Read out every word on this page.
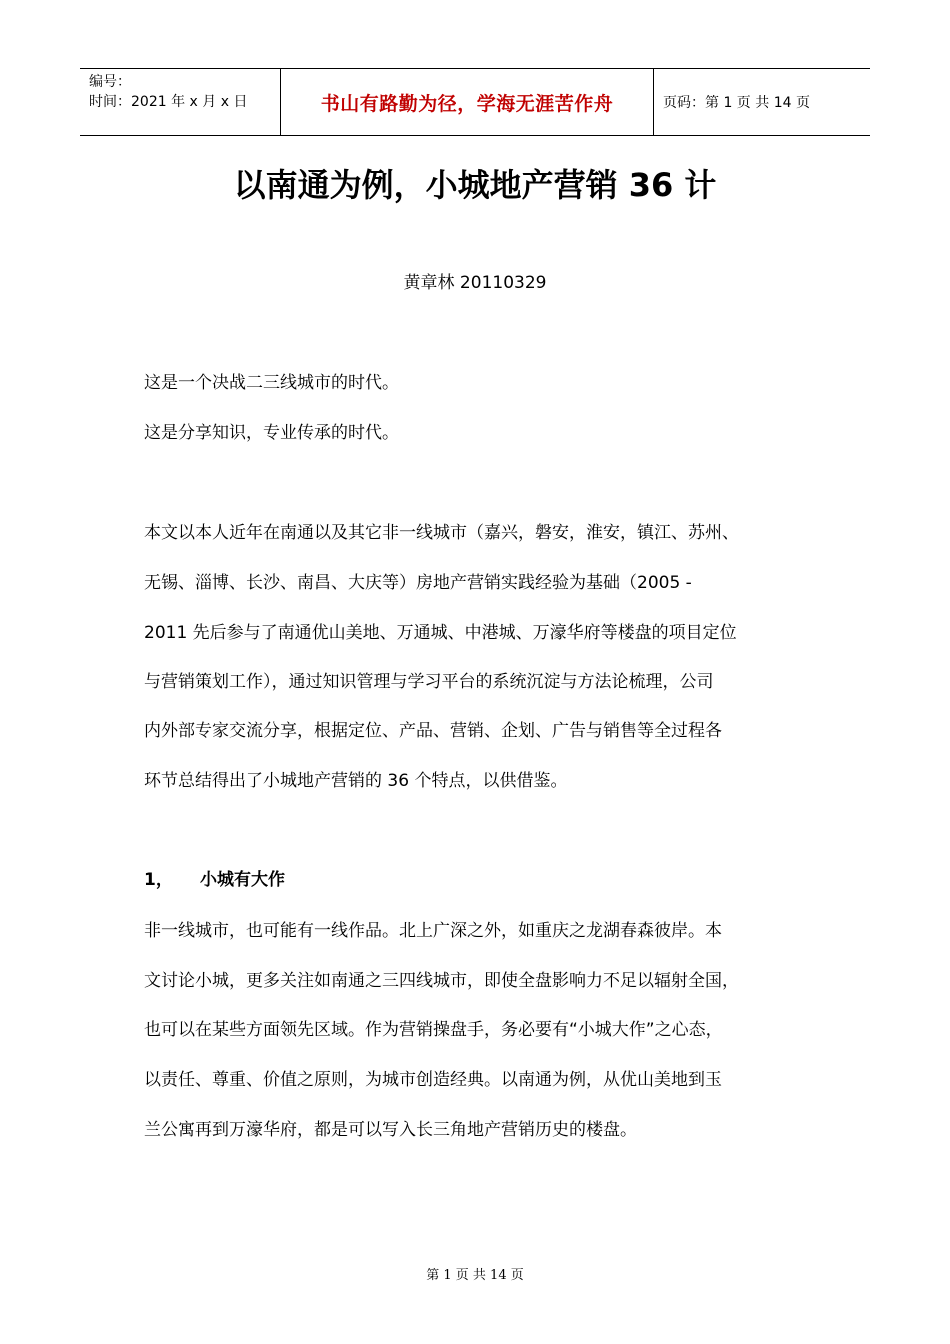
编号：
时间：2021 年 x 月 x 日	书山有路勤为径，学海无涯苦作舟	页码：第 1 页 共 14 页
以南通为例，小城地产营销 36 计
黄章林 20110329
这是一个决战二三线城市的时代。
这是分享知识，专业传承的时代。
本文以本人近年在南通以及其它非一线城市（嘉兴，磐安，淮安，镇江、苏州、
无锡、淄博、长沙、南昌、大庆等）房地产营销实践经验为基础（2005 -
2011 先后参与了南通优山美地、万通城、中港城、万濠华府等楼盘的项目定位
与营销策划工作），通过知识管理与学习平台的系统沉淀与方法论梳理，公司
内外部专家交流分享，根据定位、产品、营销、企划、广告与销售等全过程各
环节总结得出了小城地产营销的 36 个特点，以供借鉴。
1， 小城有大作
非一线城市，也可能有一线作品。北上广深之外，如重庆之龙湖春森彼岸。本
文讨论小城，更多关注如南通之三四线城市，即使全盘影响力不足以辐射全国，
也可以在某些方面领先区域。作为营销操盘手，务必要有“小城大作”之心态，
以责任、尊重、价值之原则，为城市创造经典。以南通为例，从优山美地到玉
兰公寓再到万濠华府，都是可以写入长三角地产营销历史的楼盘。
第 1 页 共 14 页
